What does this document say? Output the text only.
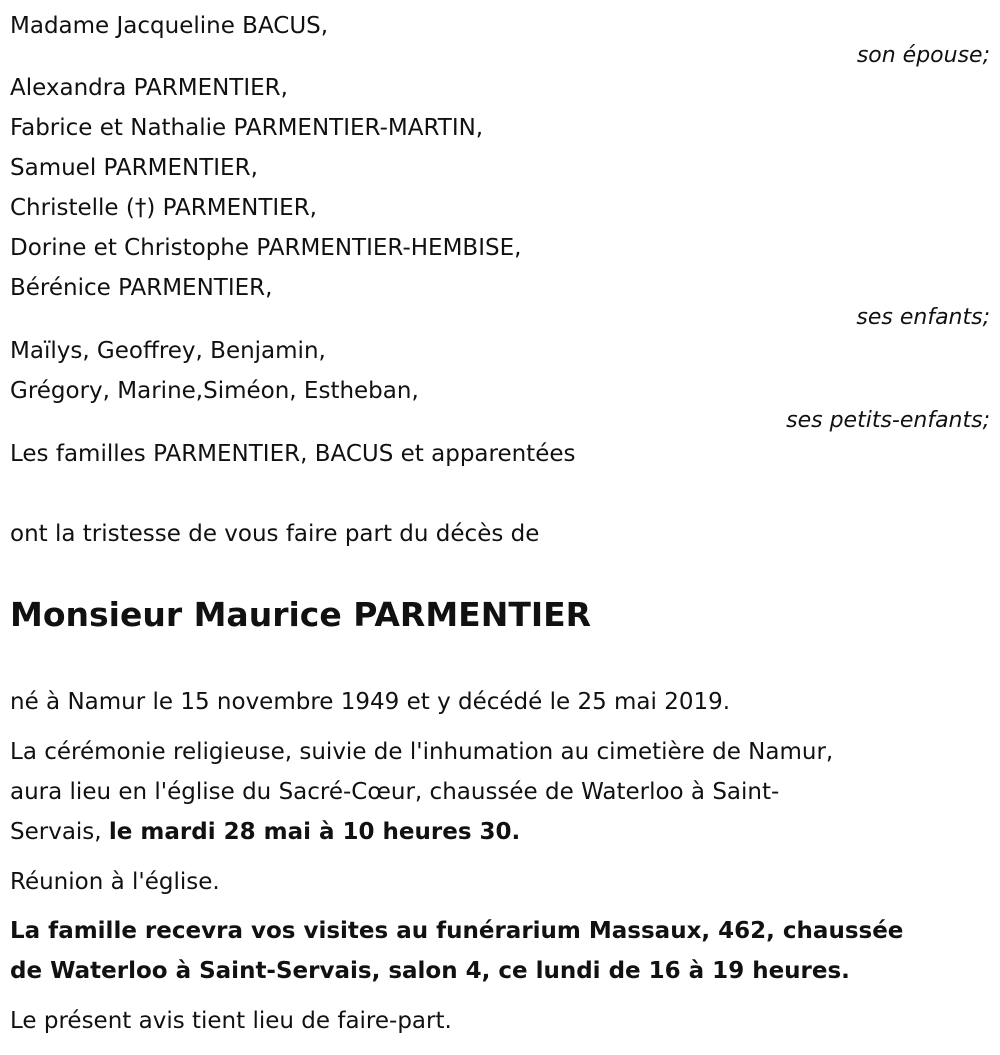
Madame Jacqueline BACUS,

son épouse;

Alexandra PARMENTIER,

Fabrice et Nathalie PARMENTIER-MARTIN,

Samuel PARMENTIER,

Christelle (†) PARMENTIER,

Dorine et Christophe PARMENTIER-HEMBISE,

Bérénice PARMENTIER,

ses enfants;

Maïlys, Geoffrey, Benjamin,

Grégory, Marine,Siméon, Estheban,

ses petits-enfants;

Les familles PARMENTIER, BACUS et apparentées

ont la tristesse de vous faire part du décès de

Monsieur Maurice PARMENTIER

né à Namur le 15 novembre 1949 et y décédé le 25 mai 2019.

La cérémonie religieuse, suivie de l'inhumation au cimetière de Namur,

aura lieu en l'église du Sacré-Cœur, chaussée de Waterloo à Saint-

Servais, le mardi 28 mai à 10 heures 30.

Réunion à l'église.

La famille recevra vos visites au funérarium Massaux, 462, chaussée

de Waterloo à Saint-Servais, salon 4, ce lundi de 16 à 19 heures.

Le présent avis tient lieu de faire-part.
